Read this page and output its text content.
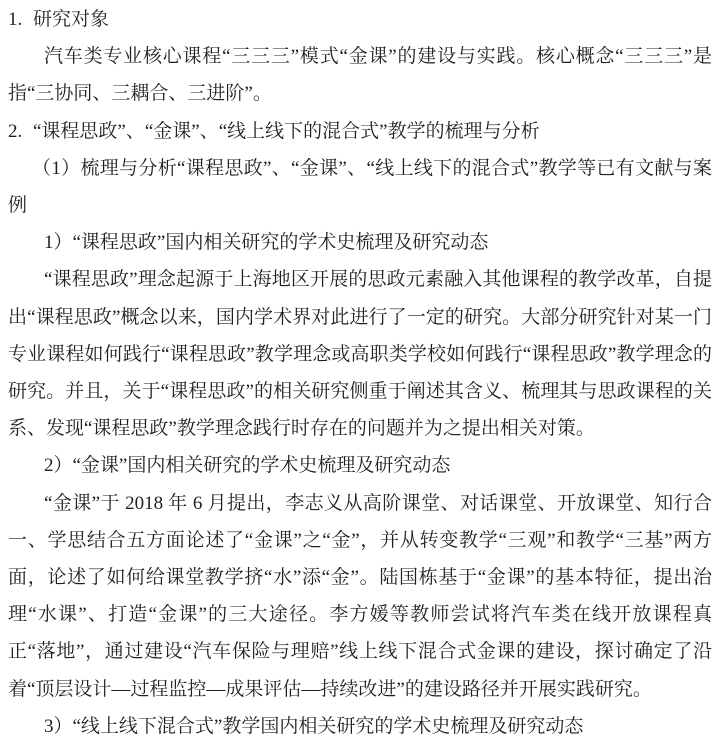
1. 研究对象

汽车类专业核心课程“三三三”模式“金课”的建设与实践。核心概念“三三三”是指“三协同、三耦合、三进阶”。

2. “课程思政”、“金课”、“线上线下的混合式”教学的梳理与分析

（1）梳理与分析“课程思政”、“金课”、“线上线下的混合式”教学等已有文献与案例

1）“课程思政”国内相关研究的学术史梳理及研究动态

“课程思政”理念起源于上海地区开展的思政元素融入其他课程的教学改革，自提出“课程思政”概念以来，国内学术界对此进行了一定的研究。大部分研究针对某一门专业课程如何践行“课程思政”教学理念或高职类学校如何践行“课程思政”教学理念的研究。并且，关于“课程思政”的相关研究侧重于阐述其含义、梳理其与思政课程的关系、发现“课程思政”教学理念践行时存在的问题并为之提出相关对策。

2）“金课”国内相关研究的学术史梳理及研究动态

“金课”于 2018 年 6 月提出，李志义从高阶课堂、对话课堂、开放课堂、知行合一、学思结合五方面论述了“金课”之“金”，并从转变教学“三观”和教学“三基”两方面，论述了如何给课堂教学挤“水”添“金”。陆国栋基于“金课”的基本特征，提出治理“水课”、打造“金课”的三大途径。李方媛等教师尝试将汽车类在线开放课程真正“落地”，通过建设“汽车保险与理赔”线上线下混合式金课的建设，探讨确定了沿着“顶层设计—过程监控—成果评估—持续改进”的建设路径并开展实践研究。

3）“线上线下混合式”教学国内相关研究的学术史梳理及研究动态
